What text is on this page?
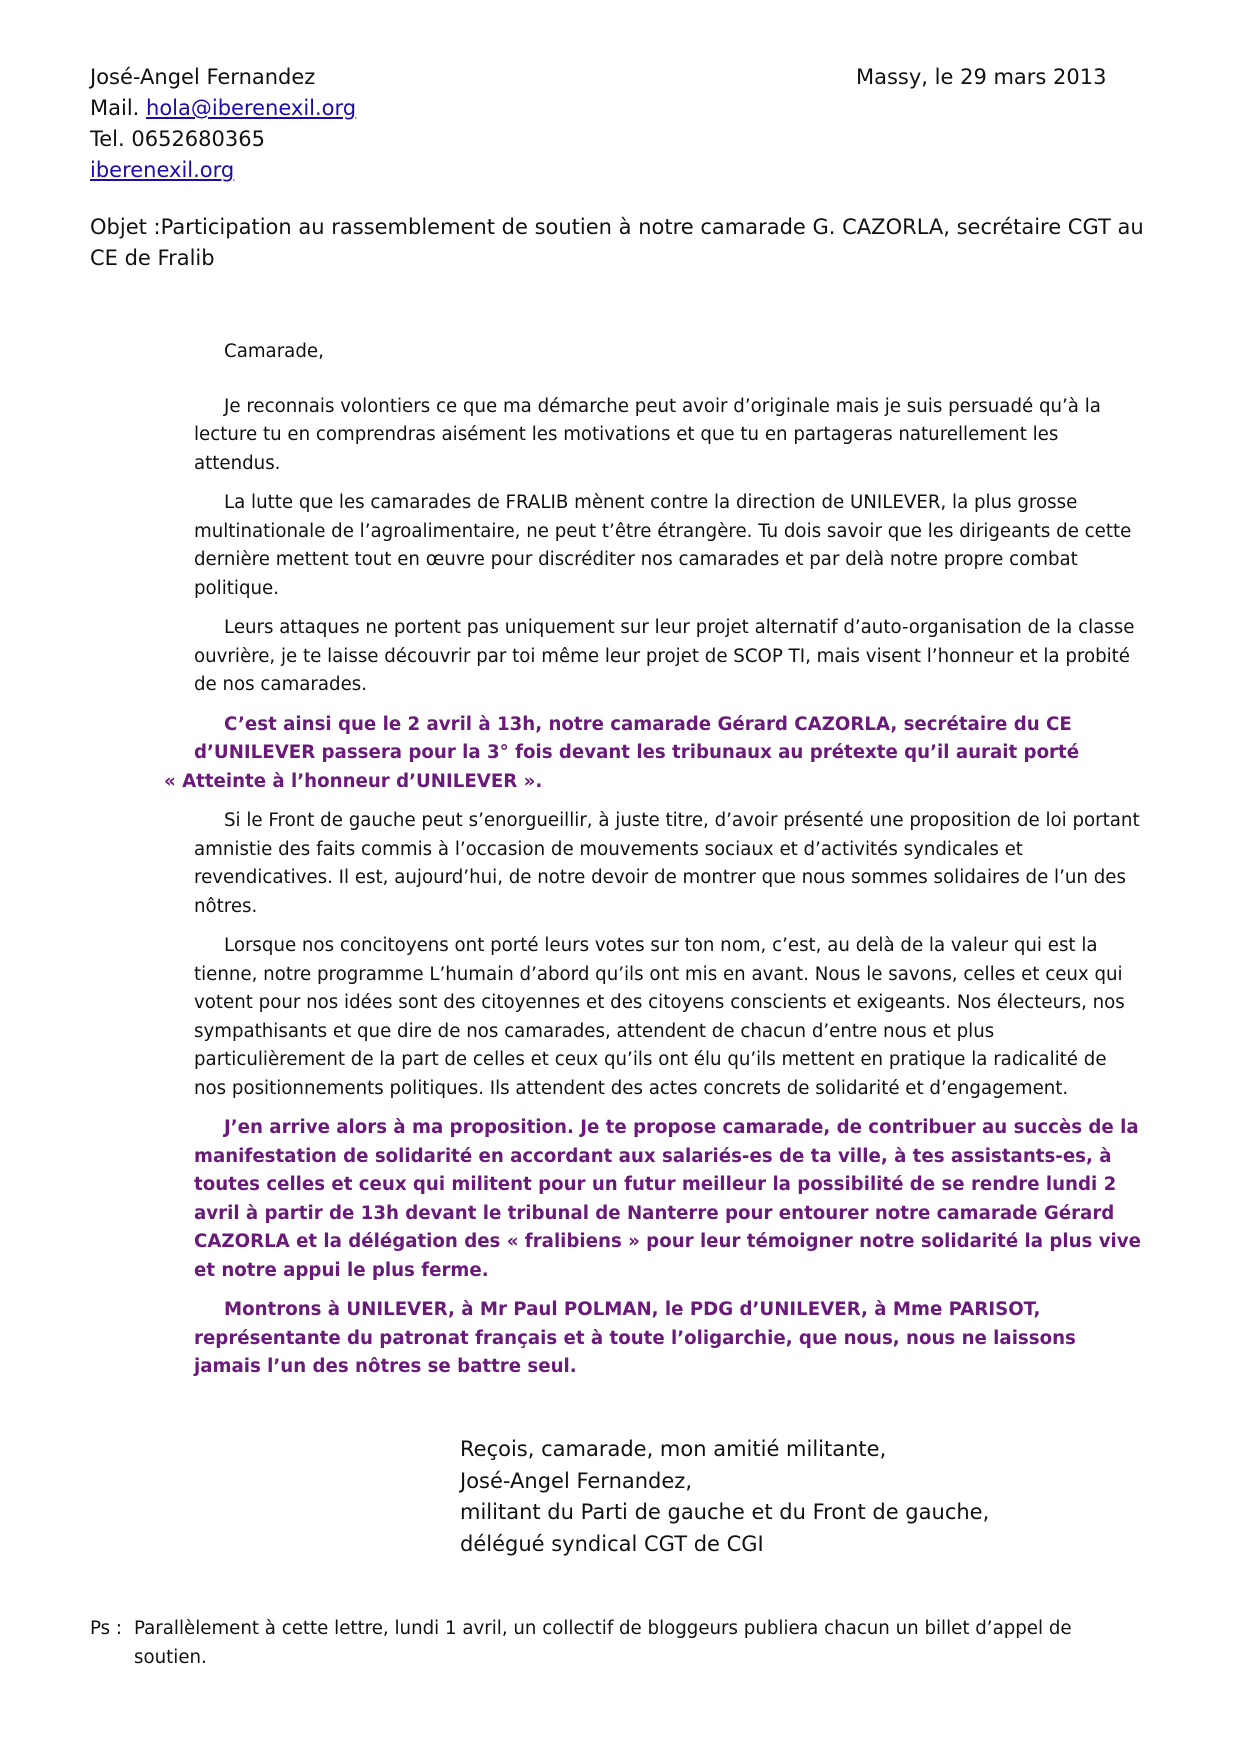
José-Angel Fernandez
Mail. hola@iberenexil.org
Tel. 0652680365
iberenexil.org
Massy, le 29 mars 2013
Objet :Participation au rassemblement de soutien à notre camarade G. CAZORLA, secrétaire CGT au CE de Fralib
Camarade,

Je reconnais volontiers ce que ma démarche peut avoir d’originale mais je suis persuadé qu’à la lecture tu en comprendras aisément les motivations et que tu en partageras naturellement les attendus.

La lutte que les camarades de FRALIB mènent contre la direction de UNILEVER, la plus grosse multinationale de l’agroalimentaire, ne peut t’être étrangère. Tu dois savoir que les dirigeants de cette dernière mettent tout en œuvre pour discréditer nos camarades et par delà notre propre combat politique.

Leurs attaques ne portent pas uniquement sur leur projet alternatif d’auto-organisation de la classe ouvrière, je te laisse découvrir par toi même leur projet de SCOP TI, mais visent l’honneur et la probité de nos camarades.

C’est ainsi que le 2 avril à 13h, notre camarade Gérard CAZORLA, secrétaire du CE d’UNILEVER passera pour la 3° fois devant les tribunaux au prétexte qu’il aurait porté
« Atteinte à l’honneur d’UNILEVER ».

Si le Front de gauche peut s’enorgueillir, à juste titre, d’avoir présenté une proposition de loi portant amnistie des faits commis à l’occasion de mouvements sociaux et d’activités syndicales et revendicatives. Il est, aujourd’hui, de notre devoir de montrer que nous sommes solidaires de l’un des nôtres.

Lorsque nos concitoyens ont porté leurs votes sur ton nom, c’est, au delà de la valeur qui est la tienne, notre programme L’humain d’abord qu’ils ont mis en avant. Nous le savons, celles et ceux qui votent pour nos idées sont des citoyennes et des citoyens conscients et exigeants. Nos électeurs, nos sympathisants et que dire de nos camarades, attendent de chacun d’entre nous et plus particulièrement de la part de celles et ceux qu’ils ont élu qu’ils mettent en pratique la radicalité de nos positionnements politiques. Ils attendent des actes concrets de solidarité et d’engagement.

J’en arrive alors à ma proposition. Je te propose camarade, de contribuer au succès de la manifestation de solidarité en accordant aux salariés-es de ta ville, à tes assistants-es, à toutes celles et ceux qui militent pour un futur meilleur la possibilité de se rendre lundi 2 avril à partir de 13h devant le tribunal de Nanterre pour entourer notre camarade Gérard CAZORLA et la délégation des « fralibiens » pour leur témoigner notre solidarité la plus vive et notre appui le plus ferme.

Montrons à UNILEVER, à Mr Paul POLMAN, le PDG d’UNILEVER, à Mme PARISOT, représentante du patronat français et à toute l’oligarchie, que nous, nous ne laissons jamais l’un des nôtres se battre seul.

Reçois, camarade, mon amitié militante,
José-Angel Fernandez,
militant du Parti de gauche et du Front de gauche,
délégué syndical CGT de CGI
Ps : Parallèlement à cette lettre, lundi 1 avril, un collectif de bloggeurs publiera chacun un billet d’appel de soutien.
